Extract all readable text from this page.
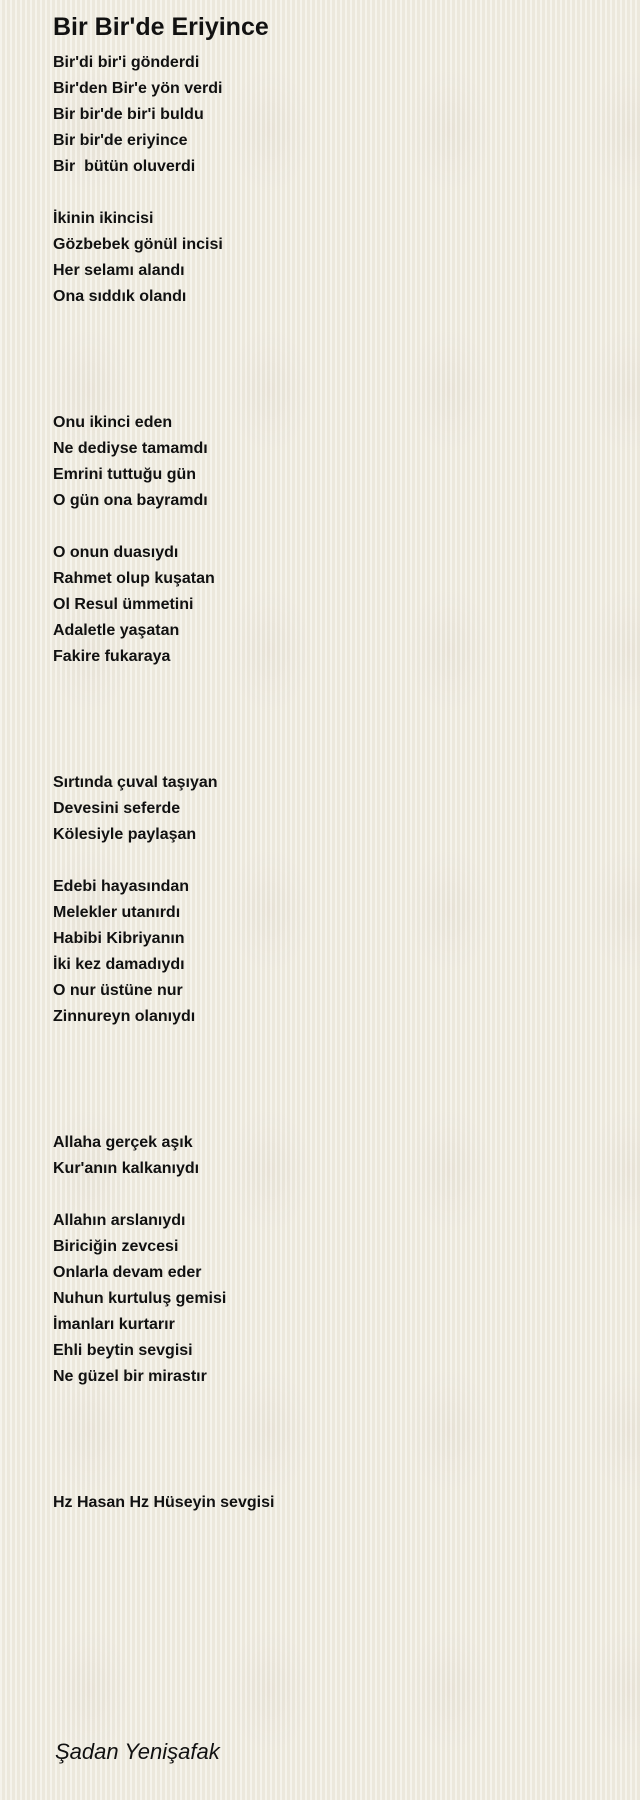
Bir Bir'de Eriyince
Bir'di bir'i gönderdi
Bir'den Bir'e yön verdi
Bir bir'de bir'i buldu
Bir bir'de eriyince
Bir  bütün oluverdi
İkinin ikincisi
Gözbebek gönül incisi
Her selamı alandı
Ona sıddık olandı
Onu ikinci eden
Ne dediyse tamamdı
Emrini tuttuğu gün
O gün ona bayramdı
O onun duasıydı
Rahmet olup kuşatan
Ol Resul ümmetini
Adaletle yaşatan
Fakire fukaraya
Sırtında çuval taşıyan
Devesini seferde
Kölesiyle paylaşan
Edebi hayasından
Melekler utanırdı
Habibi Kibriyanın
İki kez damadıydı
O nur üstüne nur
Zinnureyn olanıydı
Allaha gerçek aşık
Kur'anın kalkanıydı
Allahın arslanıydı
Biriciğin zevcesi
Onlarla devam eder
Nuhun kurtuluş gemisi
İmanları kurtarır
Ehli beytin sevgisi
Ne güzel bir mirastır
Hz Hasan Hz Hüseyin sevgisi
Şadan Yenişafak
